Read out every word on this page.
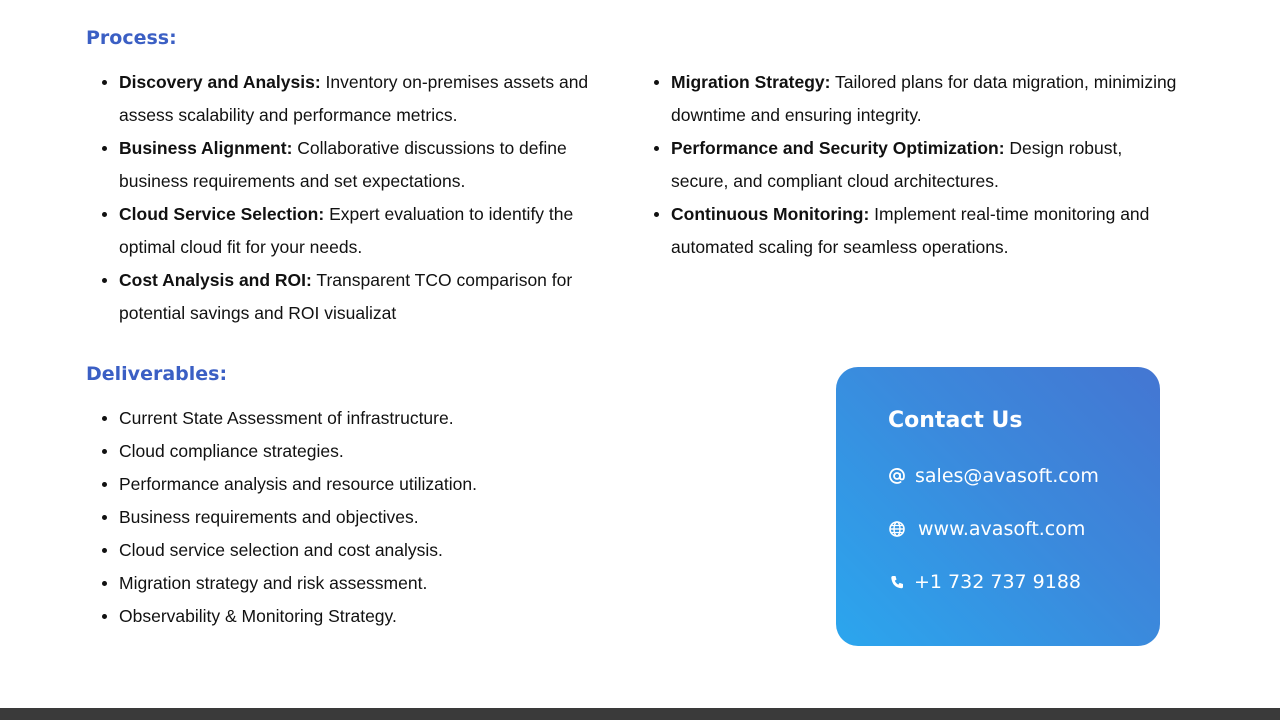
Process:
Discovery and Analysis: Inventory on-premises assets and assess scalability and performance metrics.
Business Alignment: Collaborative discussions to define business requirements and set expectations.
Cloud Service Selection: Expert evaluation to identify the optimal cloud fit for your needs.
Cost Analysis and ROI: Transparent TCO comparison for potential savings and ROI visualizat
Migration Strategy: Tailored plans for data migration, minimizing downtime and ensuring integrity.
Performance and Security Optimization: Design robust, secure, and compliant cloud architectures.
Continuous Monitoring: Implement real-time monitoring and automated scaling for seamless operations.
Deliverables:
Current State Assessment of infrastructure.
Cloud compliance strategies.
Performance analysis and resource utilization.
Business requirements and objectives.
Cloud service selection and cost analysis.
Migration strategy and risk assessment.
Observability & Monitoring Strategy.
Contact Us
sales@avasoft.com
www.avasoft.com
+1 732 737 9188
